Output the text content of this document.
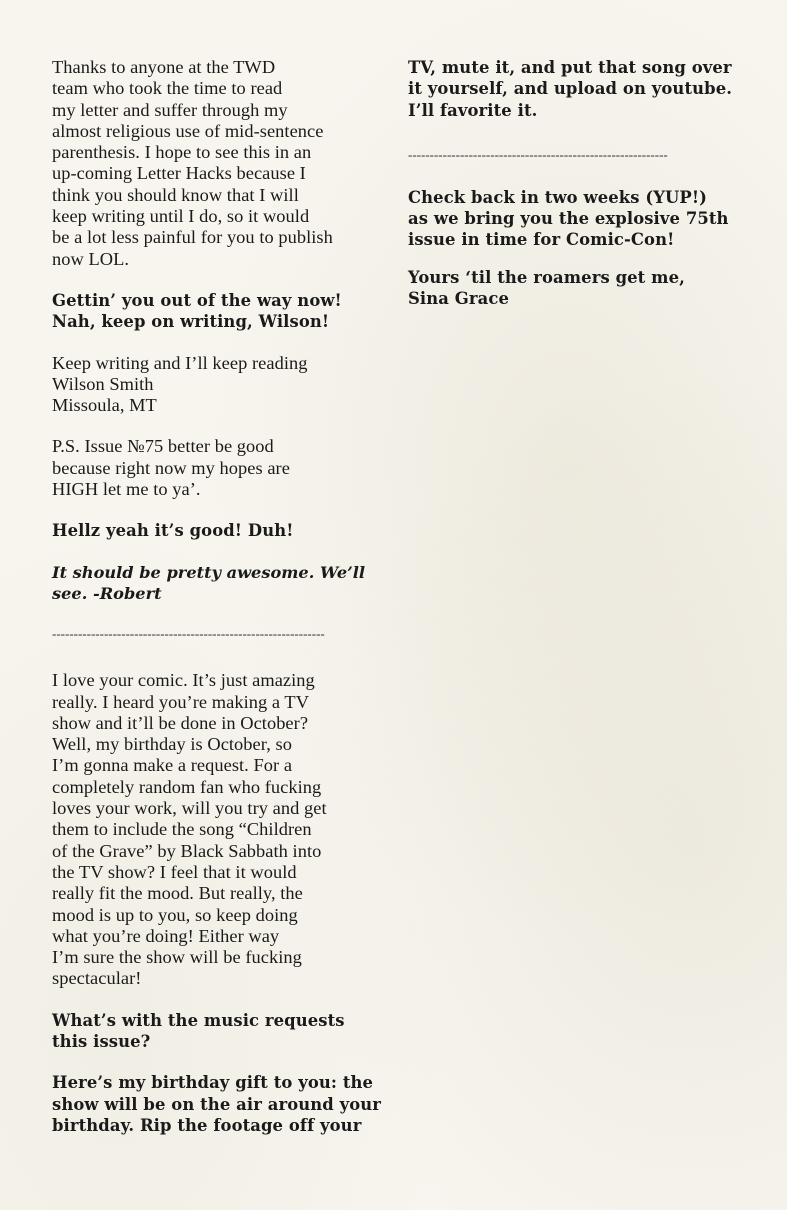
Thanks to anyone at the TWD
team who took the time to read
my letter and suffer through my
almost religious use of mid-sentence
parenthesis. I hope to see this in an
up-coming Letter Hacks because I
think you should know that I will
keep writing until I do, so it would
be a lot less painful for you to publish
now LOL.

Gettin’ you out of the way now!
Nah, keep on writing, Wilson!

Keep writing and I’ll keep reading
Wilson Smith
Missoula, MT

P.S. Issue №75 better be good
because right now my hopes are
HIGH let me to ya’.

Hellz yeah it’s good! Duh!

It should be pretty awesome. We’ll
see. -Robert

---------------------------------------------------------------

I love your comic. It’s just amazing
really. I heard you’re making a TV
show and it’ll be done in October?
Well, my birthday is October, so
I’m gonna make a request. For a
completely random fan who fucking
loves your work, will you try and get
them to include the song “Children
of the Grave” by Black Sabbath into
the TV show? I feel that it would
really fit the mood. But really, the
mood is up to you, so keep doing
what you’re doing! Either way
I’m sure the show will be fucking
spectacular!

What’s with the music requests
this issue?

Here’s my birthday gift to you: the
show will be on the air around your
birthday. Rip the footage off your

TV, mute it, and put that song over
it yourself, and upload on youtube.
I’ll favorite it.

------------------------------------------------------------

Check back in two weeks (YUP!)
as we bring you the explosive 75th
issue in time for Comic-Con!

Yours ‘til the roamers get me,
Sina Grace
